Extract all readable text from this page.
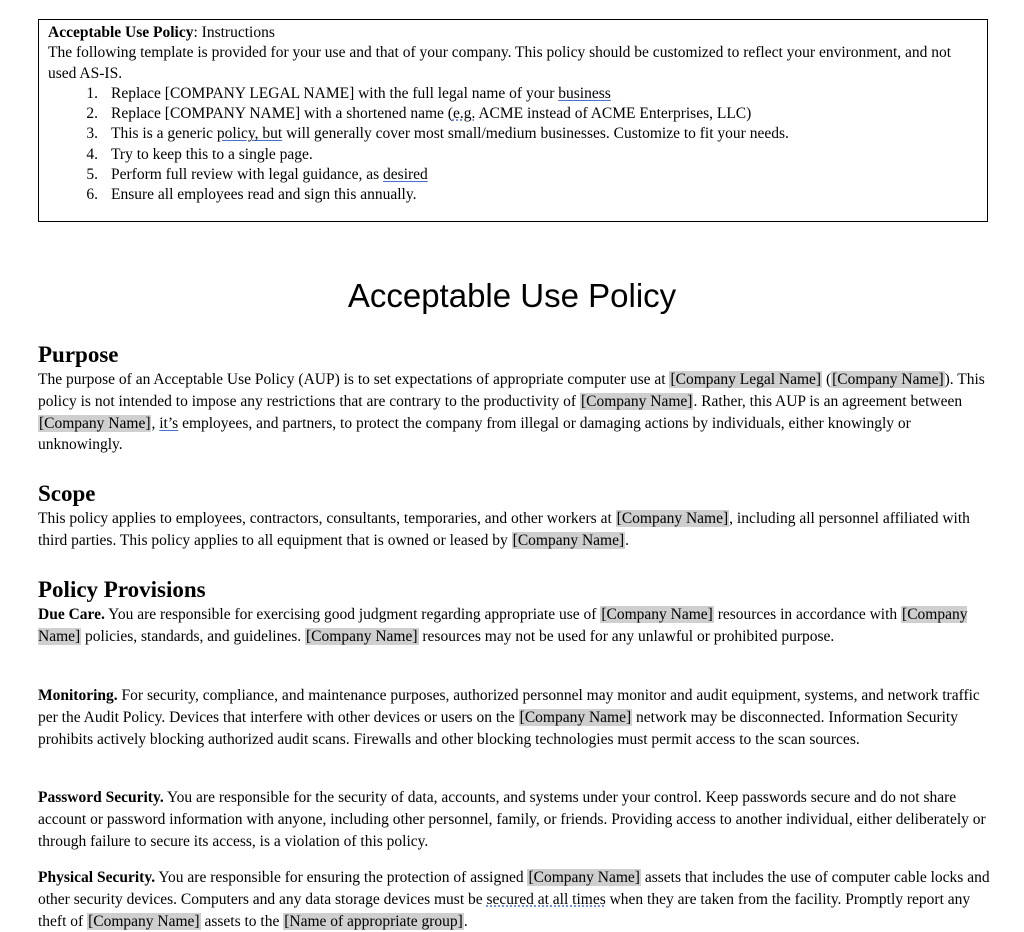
Acceptable Use Policy: Instructions
The following template is provided for your use and that of your company. This policy should be customized to reflect your environment, and not used AS-IS.
1. Replace [COMPANY LEGAL NAME] with the full legal name of your business
2. Replace [COMPANY NAME] with a shortened name (e.g. ACME instead of ACME Enterprises, LLC)
3. This is a generic policy, but will generally cover most small/medium businesses. Customize to fit your needs.
4. Try to keep this to a single page.
5. Perform full review with legal guidance, as desired
6. Ensure all employees read and sign this annually.
Acceptable Use Policy
Purpose

The purpose of an Acceptable Use Policy (AUP) is to set expectations of appropriate computer use at [Company Legal Name] ([Company Name]). This policy is not intended to impose any restrictions that are contrary to the productivity of [Company Name]. Rather, this AUP is an agreement between [Company Name], it’s employees, and partners, to protect the company from illegal or damaging actions by individuals, either knowingly or unknowingly.

Scope

This policy applies to employees, contractors, consultants, temporaries, and other workers at [Company Name], including all personnel affiliated with third parties. This policy applies to all equipment that is owned or leased by [Company Name].

Policy Provisions

Due Care. You are responsible for exercising good judgment regarding appropriate use of [Company Name] resources in accordance with [Company Name] policies, standards, and guidelines. [Company Name] resources may not be used for any unlawful or prohibited purpose.

Monitoring. For security, compliance, and maintenance purposes, authorized personnel may monitor and audit equipment, systems, and network traffic per the Audit Policy. Devices that interfere with other devices or users on the [Company Name] network may be disconnected. Information Security prohibits actively blocking authorized audit scans. Firewalls and other blocking technologies must permit access to the scan sources.

Password Security. You are responsible for the security of data, accounts, and systems under your control. Keep passwords secure and do not share account or password information with anyone, including other personnel, family, or friends. Providing access to another individual, either deliberately or through failure to secure its access, is a violation of this policy.

Physical Security. You are responsible for ensuring the protection of assigned [Company Name] assets that includes the use of computer cable locks and other security devices. Computers and any data storage devices must be secured at all times when they are taken from the facility. Promptly report any theft of [Company Name] assets to the [Name of appropriate group].
